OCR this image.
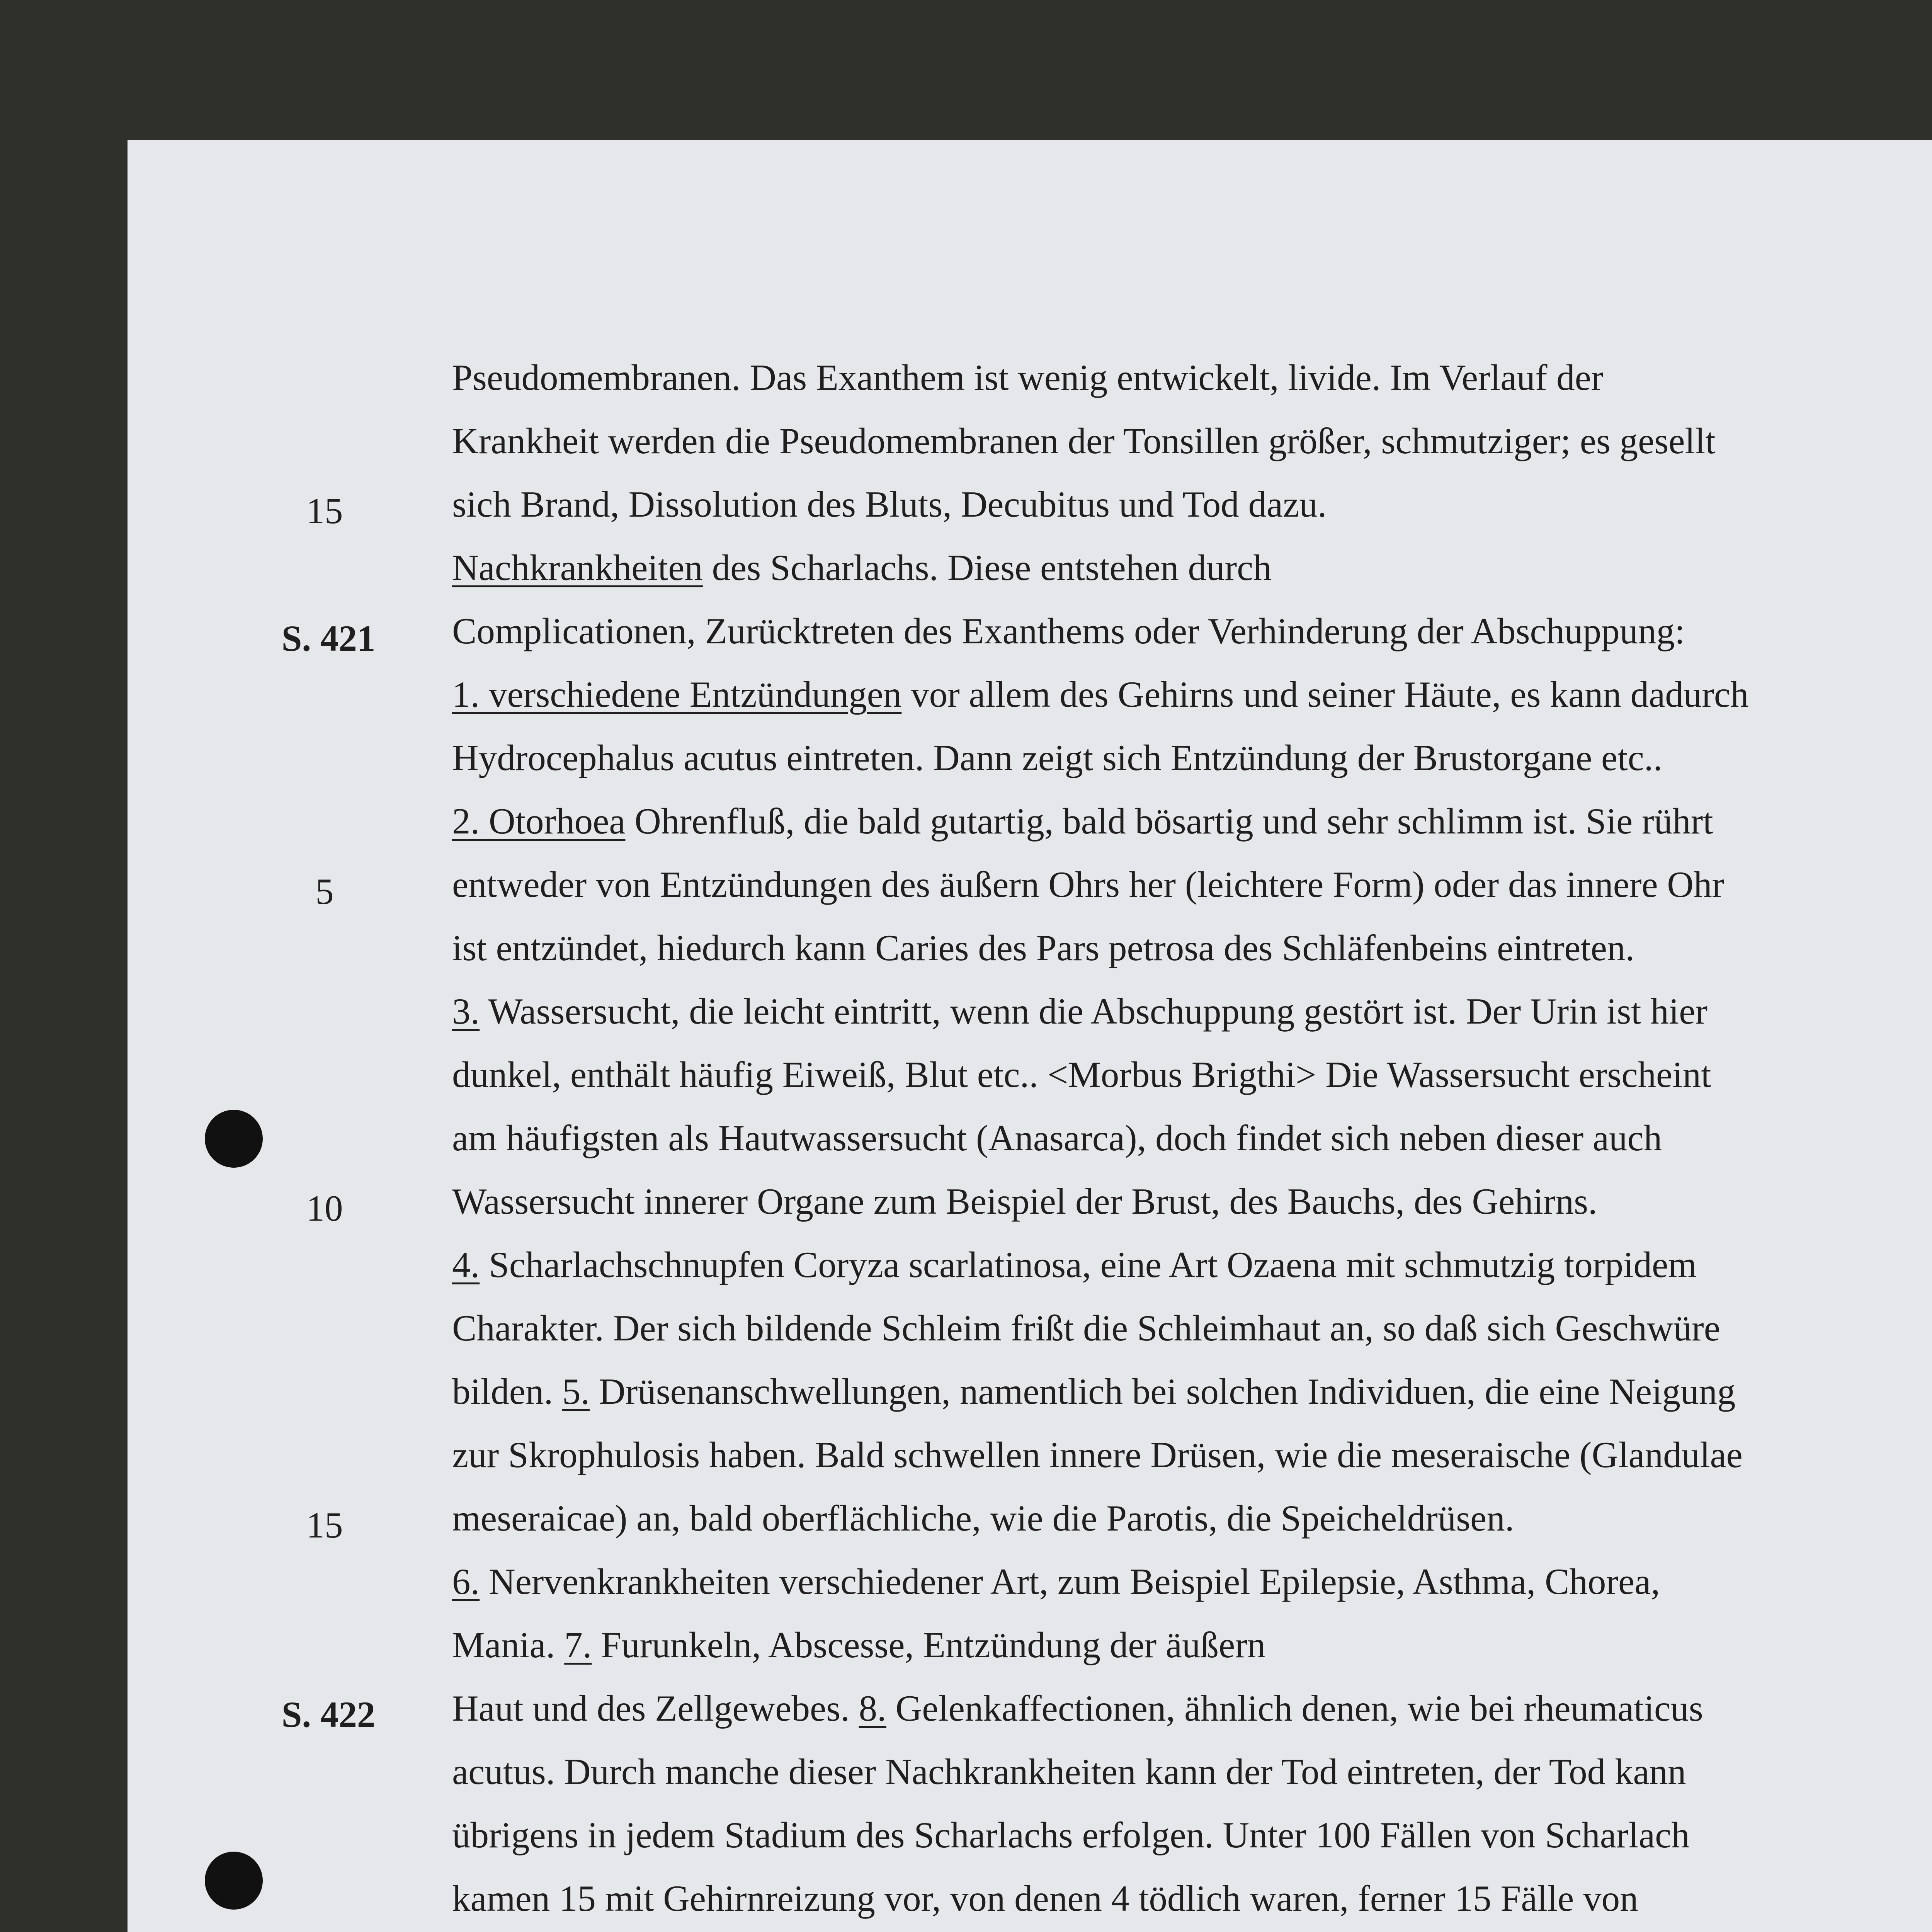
Pseudomembranen. Das Exanthem ist wenig entwickelt, livide. Im Verlauf der
Krankheit werden die Pseudomembranen der Tonsillen größer, schmutziger; es gesellt
sich Brand, Dissolution des Bluts, Decubitus und Tod dazu.
Nachkrankheiten des Scharlachs. Diese entstehen durch
Complicationen, Zurücktreten des Exanthems oder Verhinderung der Abschuppung:
1. verschiedene Entzündungen vor allem des Gehirns und seiner Häute, es kann dadurch
Hydrocephalus acutus eintreten. Dann zeigt sich Entzündung der Brustorgane etc..
2. Otorhoea Ohrenfluß, die bald gutartig, bald bösartig und sehr schlimm ist. Sie rührt
entweder von Entzündungen des äußern Ohrs her (leichtere Form) oder das innere Ohr
ist entzündet, hiedurch kann Caries des Pars petrosa des Schläfenbeins eintreten.
3. Wassersucht, die leicht eintritt, wenn die Abschuppung gestört ist. Der Urin ist hier
dunkel, enthält häufig Eiweiß, Blut etc.. <Morbus Brigthi> Die Wassersucht erscheint
am häufigsten als Hautwassersucht (Anasarca), doch findet sich neben dieser auch
Wassersucht innerer Organe zum Beispiel der Brust, des Bauchs, des Gehirns.
4. Scharlachschnupfen Coryza scarlatinosa, eine Art Ozaena mit schmutzig torpidem
Charakter. Der sich bildende Schleim frißt die Schleimhaut an, so daß sich Geschwüre
bilden. 5. Drüsenanschwellungen, namentlich bei solchen Individuen, die eine Neigung
zur Skrophulosis haben. Bald schwellen innere Drüsen, wie die meseraische (Glandulae
meseraicae) an, bald oberflächliche, wie die Parotis, die Speicheldrüsen.
6. Nervenkrankheiten verschiedener Art, zum Beispiel Epilepsie, Asthma, Chorea,
Mania. 7. Furunkeln, Abscesse, Entzündung der äußern
Haut und des Zellgewebes. 8. Gelenkaffectionen, ähnlich denen, wie bei rheumaticus
acutus. Durch manche dieser Nachkrankheiten kann der Tod eintreten, der Tod kann
übrigens in jedem Stadium des Scharlachs erfolgen. Unter 100 Fällen von Scharlach
kamen 15 mit Gehirnreizung vor, von denen 4 tödlich waren, ferner 15 Fälle von
15
S. 421
5
10
15
S. 422
